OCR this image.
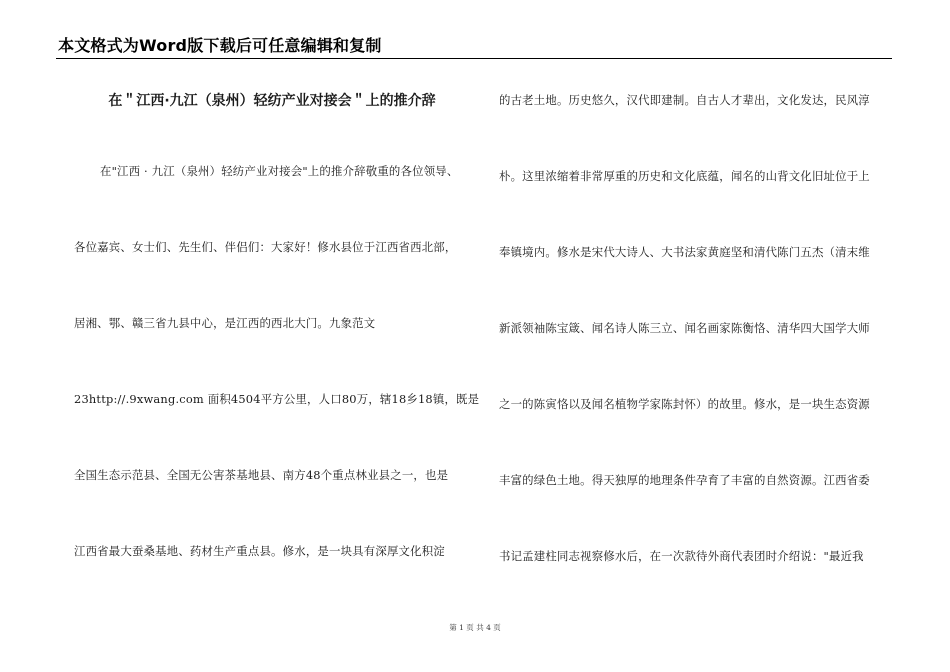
本文格式为Word版下载后可任意编辑和复制
在＂江西·九江（泉州）轻纺产业对接会＂上的推介辞
在"江西 · 九江（泉州）轻纺产业对接会"上的推介辞敬重的各位领导、
各位嘉宾、女士们、先生们、伴侣们：大家好！修水县位于江西省西北部，
居湘、鄂、赣三省九县中心，是江西的西北大门。九象范文
23http://.9xwang.com 面积4504平方公里，人口80万，辖18乡18镇，既是
全国生态示范县、全国无公害茶基地县、南方48个重点林业县之一，也是
江西省最大蚕桑基地、药材生产重点县。修水，是一块具有深厚文化积淀
的古老土地。历史悠久，汉代即建制。自古人才辈出，文化发达，民风淳
朴。这里浓缩着非常厚重的历史和文化底蕴，闻名的山背文化旧址位于上
奉镇境内。修水是宋代大诗人、大书法家黄庭坚和清代陈门五杰（清末维
新派领袖陈宝箴、闻名诗人陈三立、闻名画家陈衡恪、清华四大国学大师
之一的陈寅恪以及闻名植物学家陈封怀）的故里。修水，是一块生态资源
丰富的绿色土地。得天独厚的地理条件孕育了丰富的自然资源。江西省委
书记孟建柱同志视察修水后，在一次款待外商代表团时介绍说："最近我
第 1 页 共 4 页
